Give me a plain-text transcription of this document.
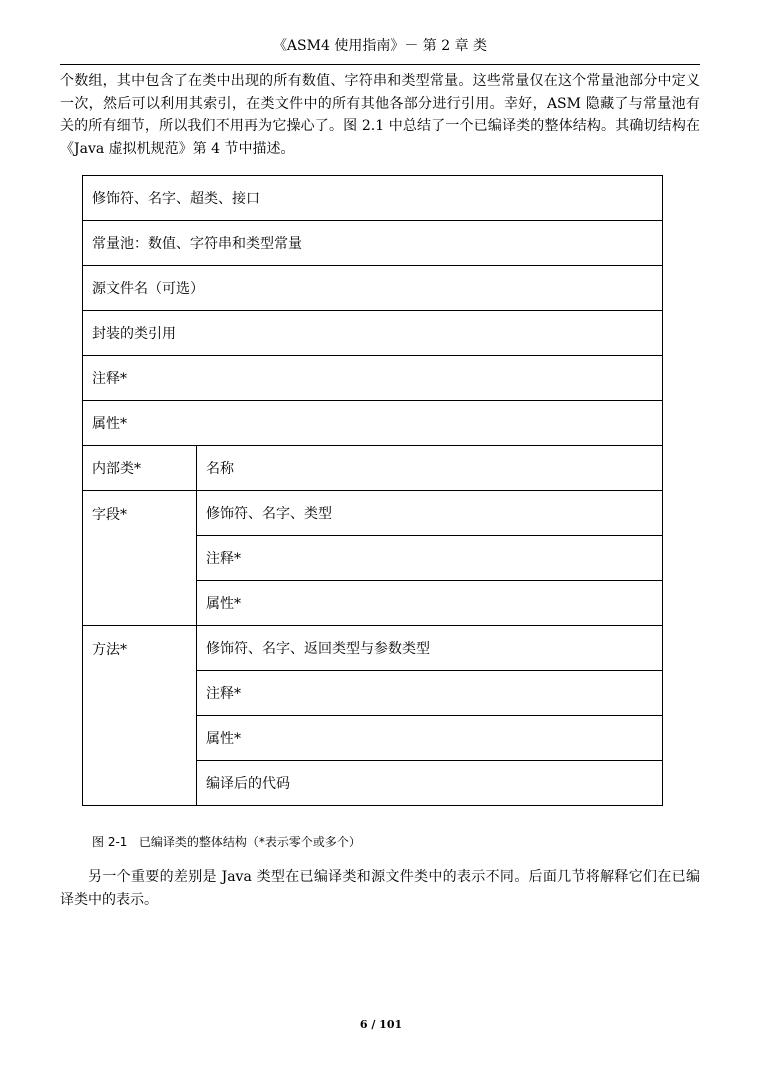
《ASM4 使用指南》－ 第 2 章 类
个数组，其中包含了在类中出现的所有数值、字符串和类型常量。这些常量仅在这个常量池部分中定义一次，然后可以利用其索引，在类文件中的所有其他各部分进行引用。幸好，ASM 隐藏了与常量池有关的所有细节，所以我们不用再为它操心了。图 2.1 中总结了一个已编译类的整体结构。其确切结构在《Java 虚拟机规范》第 4 节中描述。
修饰符、名字、超类、接口	
常量池：数值、字符串和类型常量	
源文件名（可选）	
封装的类引用	
注释*	
属性*	
内部类*	名称
字段*	修饰符、名字、类型
	注释*
	属性*
方法*	修饰符、名字、返回类型与参数类型
	注释*
	属性*
	编译后的代码
图 2-1   已编译类的整体结构（*表示零个或多个）
另一个重要的差别是 Java 类型在已编译类和源文件类中的表示不同。后面几节将解释它们在已编译类中的表示。
6 / 101
